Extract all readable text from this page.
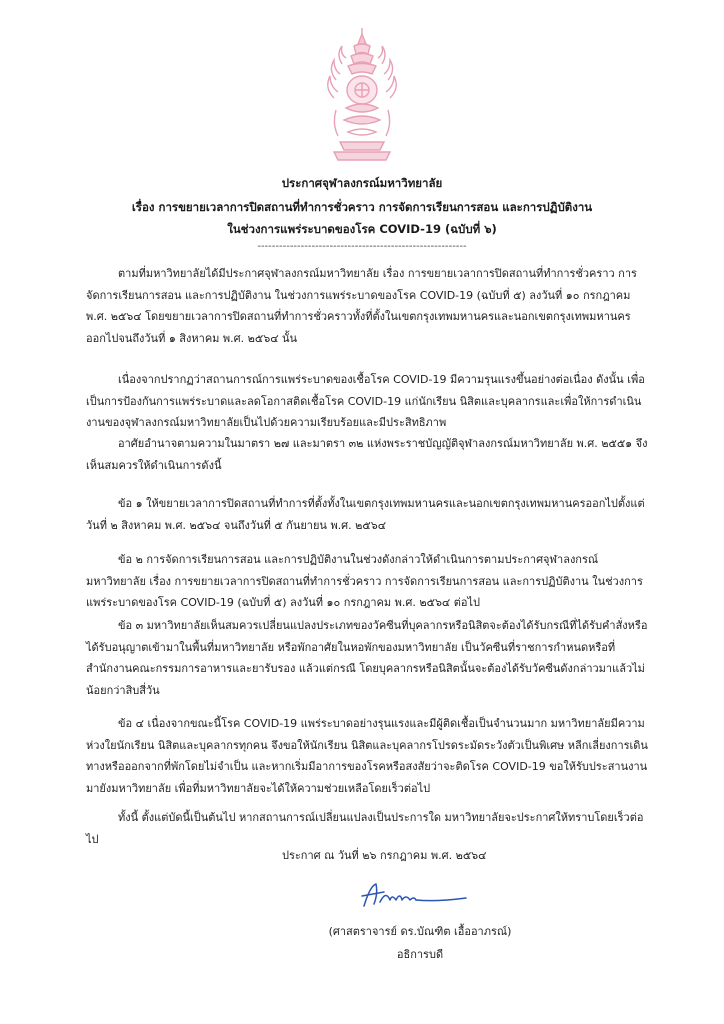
ประกาศจุฬาลงกรณ์มหาวิทยาลัย
เรื่อง การขยายเวลาการปิดสถานที่ทำการชั่วคราว การจัดการเรียนการสอน และการปฏิบัติงาน
ในช่วงการแพร่ระบาดของโรค COVID-19 (ฉบับที่ ๖)
----------------------------------------------------------

ตามที่มหาวิทยาลัยได้มีประกาศจุฬาลงกรณ์มหาวิทยาลัย เรื่อง การขยายเวลาการปิดสถานที่ทำการชั่วคราว การจัดการเรียนการสอน และการปฏิบัติงาน ในช่วงการแพร่ระบาดของโรค COVID-19 (ฉบับที่ ๕) ลงวันที่ ๑๐ กรกฎาคม พ.ศ. ๒๕๖๔ โดยขยายเวลาการปิดสถานที่ทำการชั่วคราวทั้งที่ตั้งในเขตกรุงเทพมหานครและนอกเขตกรุงเทพมหานครออกไปจนถึงวันที่ ๑ สิงหาคม พ.ศ. ๒๕๖๔ นั้น

เนื่องจากปรากฏว่าสถานการณ์การแพร่ระบาดของเชื้อโรค COVID-19 มีความรุนแรงขึ้นอย่างต่อเนื่อง ดังนั้น เพื่อเป็นการป้องกันการแพร่ระบาดและลดโอกาสติดเชื้อโรค COVID-19 แก่นักเรียน นิสิตและบุคลากรและเพื่อให้การดำเนินงานของจุฬาลงกรณ์มหาวิทยาลัยเป็นไปด้วยความเรียบร้อยและมีประสิทธิภาพ

อาศัยอำนาจตามความในมาตรา ๒๗ และมาตรา ๓๒ แห่งพระราชบัญญัติจุฬาลงกรณ์มหาวิทยาลัย พ.ศ. ๒๕๕๑ จึงเห็นสมควรให้ดำเนินการดังนี้

ข้อ ๑ ให้ขยายเวลาการปิดสถานที่ทำการที่ตั้งทั้งในเขตกรุงเทพมหานครและนอกเขตกรุงเทพมหานครออกไปตั้งแต่วันที่ ๒ สิงหาคม พ.ศ. ๒๕๖๔ จนถึงวันที่ ๕ กันยายน พ.ศ. ๒๕๖๔

ข้อ ๒ การจัดการเรียนการสอน และการปฏิบัติงานในช่วงดังกล่าวให้ดำเนินการตามประกาศจุฬาลงกรณ์มหาวิทยาลัย เรื่อง การขยายเวลาการปิดสถานที่ทำการชั่วคราว การจัดการเรียนการสอน และการปฏิบัติงาน ในช่วงการแพร่ระบาดของโรค COVID-19 (ฉบับที่ ๕) ลงวันที่ ๑๐ กรกฎาคม พ.ศ. ๒๕๖๔ ต่อไป

ข้อ ๓ มหาวิทยาลัยเห็นสมควรเปลี่ยนแปลงประเภทของวัคซีนที่บุคลากรหรือนิสิตจะต้องได้รับกรณีที่ได้รับคำสั่งหรือได้รับอนุญาตเข้ามาในพื้นที่มหาวิทยาลัย หรือพักอาศัยในหอพักของมหาวิทยาลัย เป็นวัคซีนที่ราชการกำหนดหรือที่สำนักงานคณะกรรมการอาหารและยารับรอง แล้วแต่กรณี โดยบุคลากรหรือนิสิตนั้นจะต้องได้รับวัคซีนดังกล่าวมาแล้วไม่น้อยกว่าสิบสี่วัน

ข้อ ๔ เนื่องจากขณะนี้โรค COVID-19 แพร่ระบาดอย่างรุนแรงและมีผู้ติดเชื้อเป็นจำนวนมาก มหาวิทยาลัยมีความห่วงใยนักเรียน นิสิตและบุคลากรทุกคน จึงขอให้นักเรียน นิสิตและบุคลากรโปรดระมัดระวังตัวเป็นพิเศษ หลีกเลี่ยงการเดินทางหรือออกจากที่พักโดยไม่จำเป็น และหากเริ่มมีอาการของโรคหรือสงสัยว่าจะติดโรค COVID-19 ขอให้รับประสานงานมายังมหาวิทยาลัย เพื่อที่มหาวิทยาลัยจะได้ให้ความช่วยเหลือโดยเร็วต่อไป

ทั้งนี้ ตั้งแต่บัดนี้เป็นต้นไป หากสถานการณ์เปลี่ยนแปลงเป็นประการใด มหาวิทยาลัยจะประกาศให้ทราบโดยเร็วต่อไป

ประกาศ ณ วันที่ ๒๖ กรกฎาคม พ.ศ. ๒๕๖๔
(ศาสตราจารย์ ดร.บัณฑิต เอื้ออาภรณ์)
อธิการบดี
